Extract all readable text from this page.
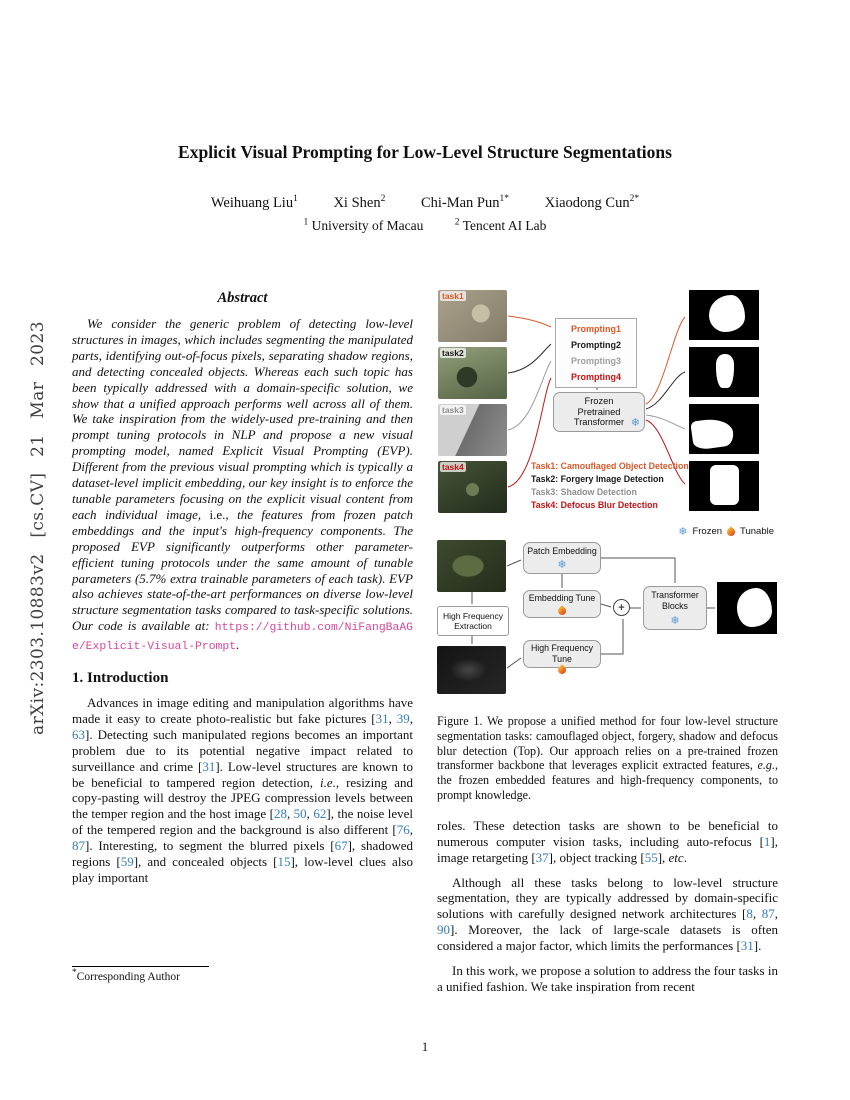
arXiv:2303.10883v2 [cs.CV] 21 Mar 2023
Explicit Visual Prompting for Low-Level Structure Segmentations
Weihuang Liu$^1$ Xi Shen$^2$ Chi-Man Pun$^{1*}$ Xiaodong Cun$^{2*}$
$^1$ University of Macau	$^2$ Tencent AI Lab
Abstract

We consider the generic problem of detecting low-level structures in images, which includes segmenting the manipulated parts, identifying out-of-focus pixels, separating shadow regions, and detecting concealed objects. Whereas each such topic has been typically addressed with a domain-specific solution, we show that a unified approach performs well across all of them. We take inspiration from the widely-used pre-training and then prompt tuning protocols in NLP and propose a new visual prompting model, named Explicit Visual Prompting (EVP). Different from the previous visual prompting which is typically a dataset-level implicit embedding, our key insight is to enforce the tunable parameters focusing on the explicit visual content from each individual image, i.e., the features from frozen patch embeddings and the input's high-frequency components. The proposed EVP significantly outperforms other parameter-efficient tuning protocols under the same amount of tunable parameters (5.7% extra trainable parameters of each task). EVP also achieves state-of-the-art performances on diverse low-level structure segmentation tasks compared to task-specific solutions. Our code is available at: https://github.com/NiFangBaAGe/Explicit-Visual-Prompt.

1. Introduction

Advances in image editing and manipulation algorithms have made it easy to create photo-realistic but fake pictures [31, 39, 63]. Detecting such manipulated regions becomes an important problem due to its potential negative impact related to surveillance and crime [31]. Low-level structures are known to be beneficial to tampered region detection, i.e., resizing and copy-pasting will destroy the JPEG compression levels between the temper region and the host image [28, 50, 62], the noise level of the tempered region and the background is also different [76, 87]. Interesting, to segment the blurred pixels [67], shadowed regions [59], and concealed objects [15], low-level clues also play important

task1
task2
task3
task4
Prompting1
Prompting2
Prompting3
Prompting4
Frozen
Pretrained
Transformer ❄
Task1: Camouflaged Object Detection
Task2: Forgery Image Detection
Task3: Shadow Detection
Task4: Defocus Blur Detection
❄ Frozen Tunable
Patch Embedding
❄
High Frequency Extraction
Embedding Tune
High Frequency Tune
+
Transformer Blocks
❄
Figure 1. We propose a unified method for four low-level structure segmentation tasks: camouflaged object, forgery, shadow and defocus blur detection (Top). Our approach relies on a pre-trained frozen transformer backbone that leverages explicit extracted features, e.g., the frozen embedded features and high-frequency components, to prompt knowledge.

roles. These detection tasks are shown to be beneficial to numerous computer vision tasks, including auto-refocus [1], image retargeting [37], object tracking [55], etc.

Although all these tasks belong to low-level structure segmentation, they are typically addressed by domain-specific solutions with carefully designed network architectures [8, 87, 90]. Moreover, the lack of large-scale datasets is often considered a major factor, which limits the performances [31].

In this work, we propose a solution to address the four tasks in a unified fashion. We take inspiration from recent

*Corresponding Author
1
